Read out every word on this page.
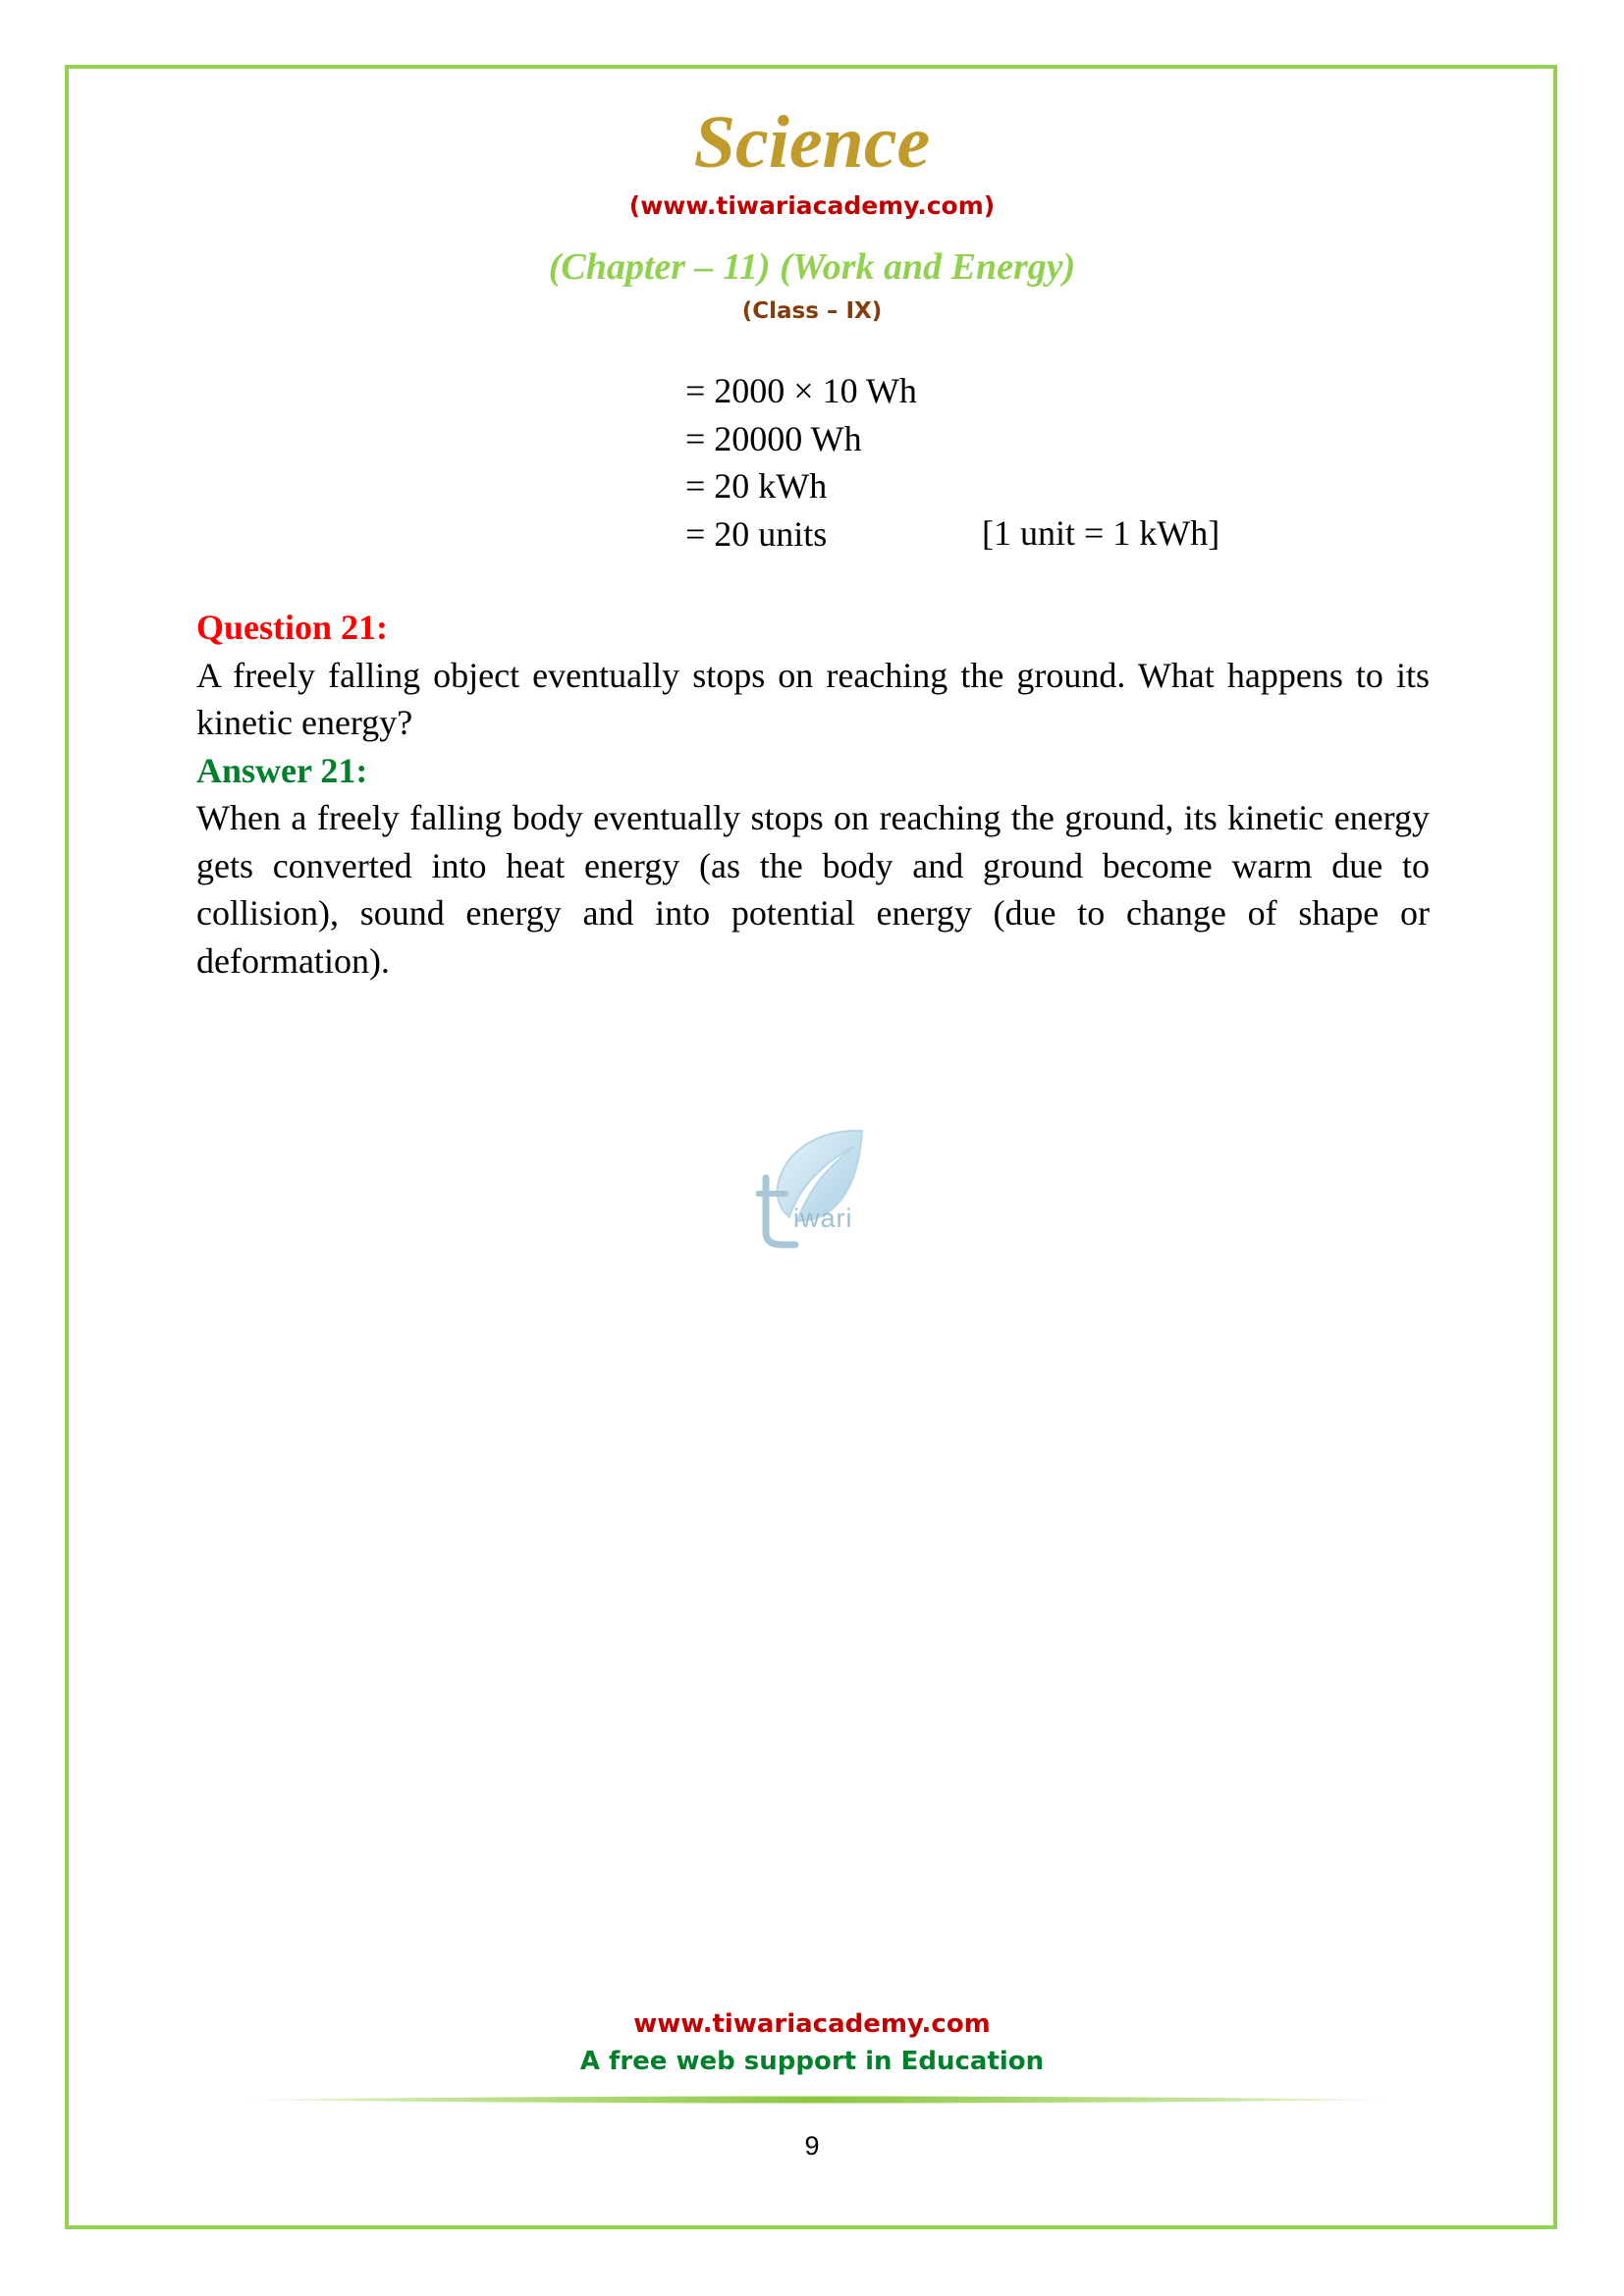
Science
(www.tiwariacademy.com)
(Chapter – 11) (Work and Energy)
(Class – IX)
= 2000 × 10 Wh
= 20000 Wh
= 20 kWh
= 20 units	[1 unit = 1 kWh]
Question 21:
A freely falling object eventually stops on reaching the ground. What happens to its kinetic energy?
Answer 21:
When a freely falling body eventually stops on reaching the ground, its kinetic energy gets converted into heat energy (as the body and ground become warm due to collision), sound energy and into potential energy (due to change of shape or deformation).
iwari
www.tiwariacademy.com
A free web support in Education
9
